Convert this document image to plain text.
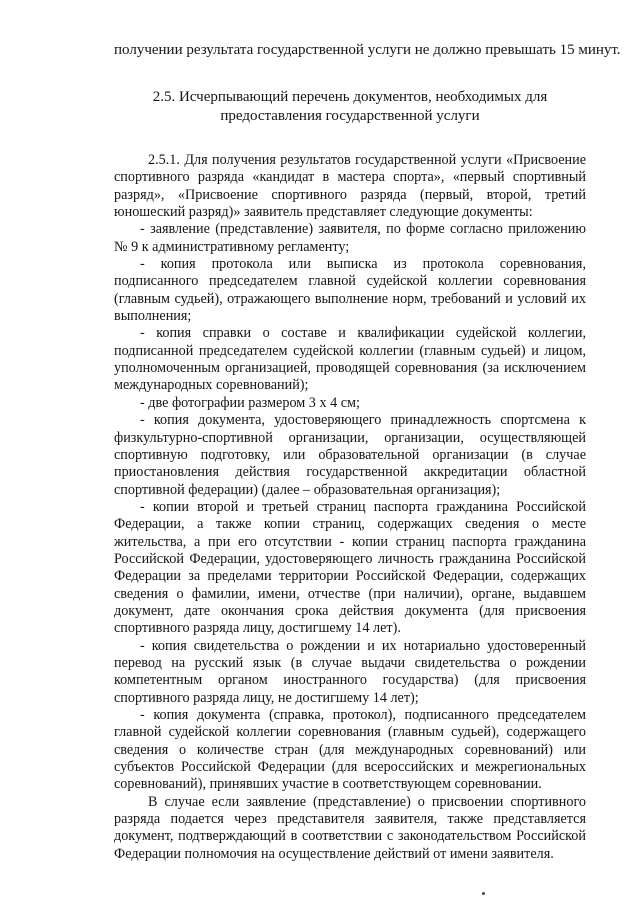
получении результата государственной услуги не должно превышать 15 минут.

2.5. Исчерпывающий перечень документов, необходимых для
предоставления государственной услуги

2.5.1. Для получения результатов государственной услуги «Присвоение спортивного разряда «кандидат в мастера спорта», «первый спортивный разряд», «Присвоение спортивного разряда (первый, второй, третий юношеский разряд)» заявитель представляет следующие документы:

- заявление (представление) заявителя, по форме согласно приложению № 9 к административному регламенту;

- копия протокола или выписка из протокола соревнования, подписанного председателем главной судейской коллегии соревнования (главным судьей), отражающего выполнение норм, требований и условий их выполнения;

- копия справки о составе и квалификации судейской коллегии, подписанной председателем судейской коллегии (главным судьей) и лицом, уполномоченным организацией, проводящей соревнования (за исключением международных соревнований);

- две фотографии размером 3 х 4 см;

- копия документа, удостоверяющего принадлежность спортсмена к физкультурно-спортивной организации, организации, осуществляющей спортивную подготовку, или образовательной организации (в случае приостановления действия государственной аккредитации областной спортивной федерации) (далее – образовательная организация);

- копии второй и третьей страниц паспорта гражданина Российской Федерации, а также копии страниц, содержащих сведения о месте жительства, а при его отсутствии - копии страниц паспорта гражданина Российской Федерации, удостоверяющего личность гражданина Российской Федерации за пределами территории Российской Федерации, содержащих сведения о фамилии, имени, отчестве (при наличии), органе, выдавшем документ, дате окончания срока действия документа (для присвоения спортивного разряда лицу, достигшему 14 лет).

- копия свидетельства о рождении и их нотариально удостоверенный перевод на русский язык (в случае выдачи свидетельства о рождении компетентным органом иностранного государства) (для присвоения спортивного разряда лицу, не достигшему 14 лет);

- копия документа (справка, протокол), подписанного председателем главной судейской коллегии соревнования (главным судьей), содержащего сведения о количестве стран (для международных соревнований) или субъектов Российской Федерации (для всероссийских и межрегиональных соревнований), принявших участие в соответствующем соревновании.

В случае если заявление (представление) о присвоении спортивного разряда подается через представителя заявителя, также представляется документ, подтверждающий в соответствии с законодательством Российской Федерации полномочия на осуществление действий от имени заявителя.
